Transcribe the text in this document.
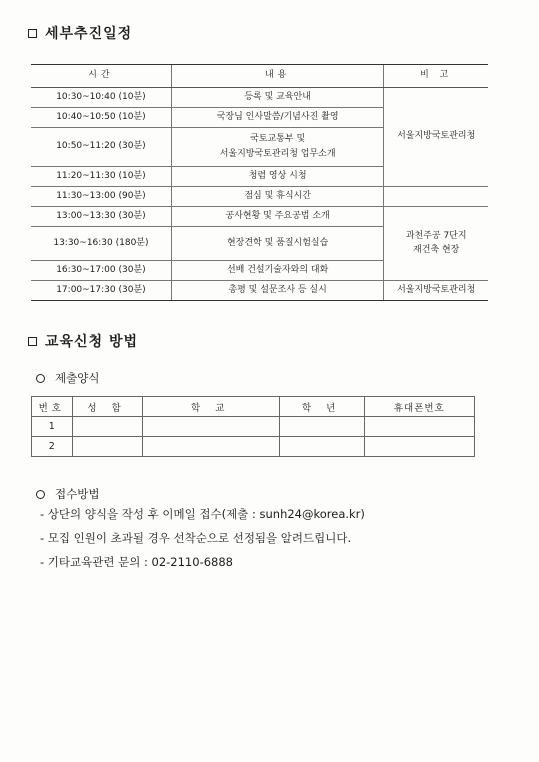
세부추진일정
시간	내용	비 고
10:30~10:40 (10분)	등록 및 교육안내	서울지방국토관리청
10:40~10:50 (10분)	국장님 인사말씀/기념사진 촬영	
10:50~11:20 (30분)	국토교통부 및
서울지방국토관리청 업무소개	

11:20~11:30 (10분)	청렴 영상 시청	
11:30~13:00 (90분)	점심 및 휴식시간	
13:00~13:30 (30분)	공사현황 및 주요공법 소개	과천주공 7단지
재건축 현장

13:30~16:30 (180분)	현장견학 및 품질시험실습	
16:30~17:00 (30분)	선배 건설기술자와의 대화	
17:00~17:30 (30분)	총평 및 설문조사 등 실시	서울지방국토관리청
교육신청 방법
제출양식
번호	성 함	학 교	학 년	휴대폰번호
1				
2				
접수방법
- 상단의 양식을 작성 후 이메일 접수(제출 : sunh24@korea.kr)
- 모집 인원이 초과될 경우 선착순으로 선정됨을 알려드립니다.
- 기타교육관련 문의 : 02-2110-6888
